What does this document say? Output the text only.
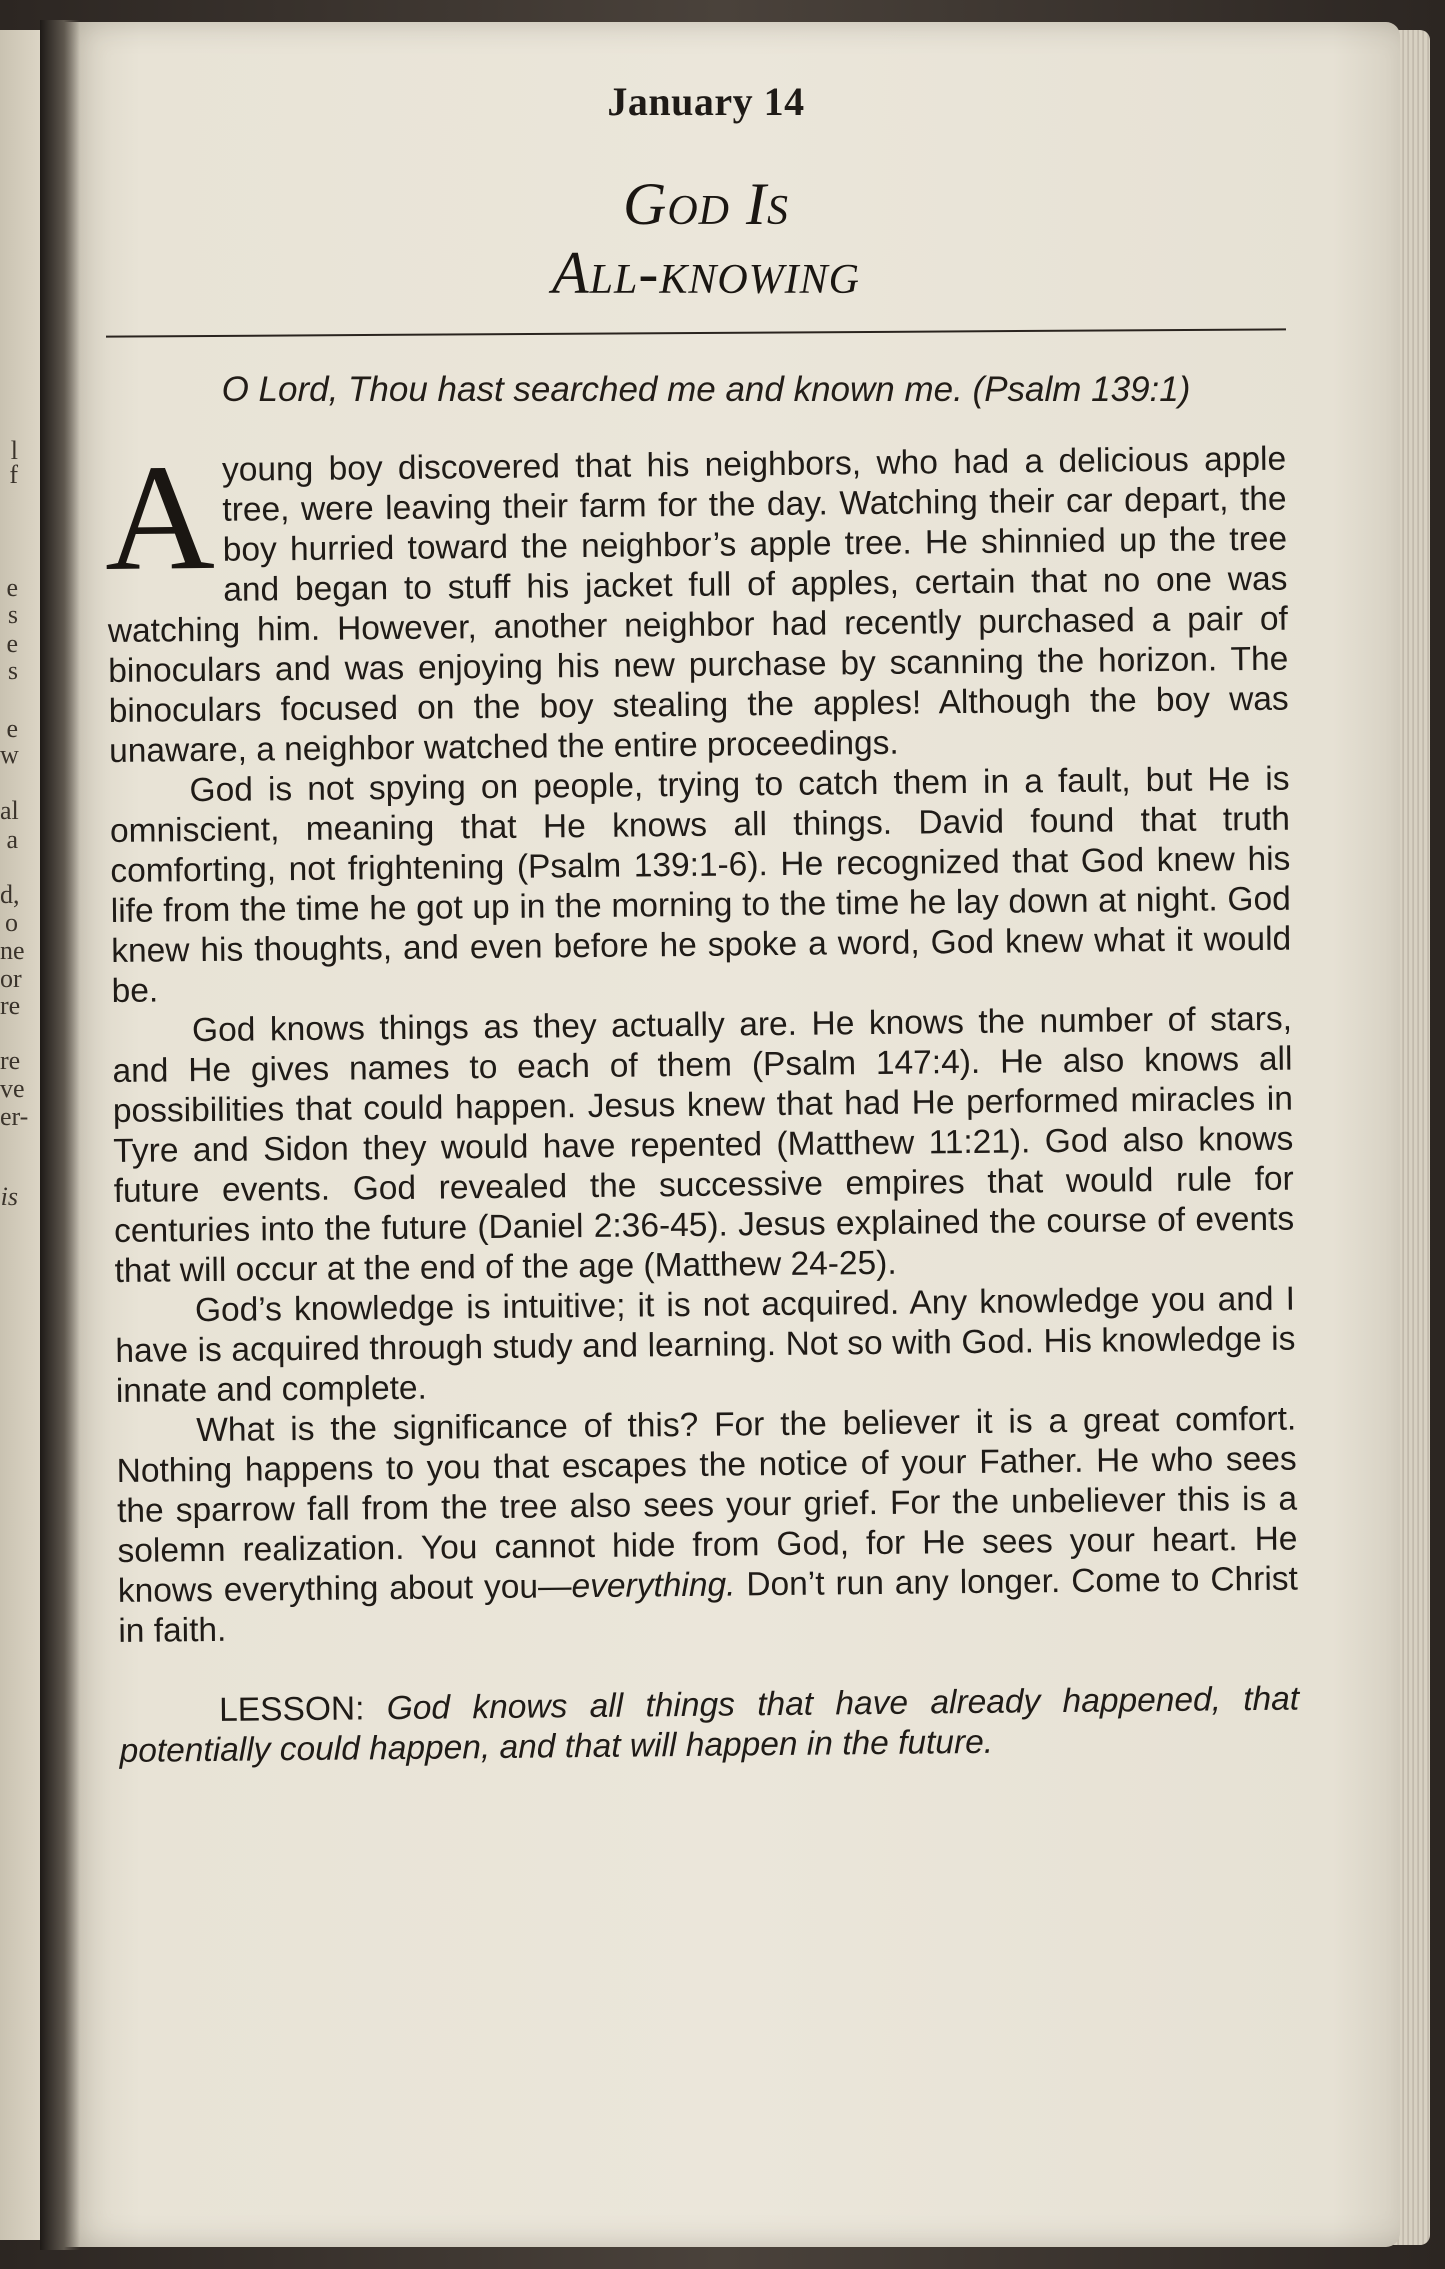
l
f
e
s
e
s
e
w
al
a
d,
o
ne
or
re
re
ve
er-
is
January 14
God Is
All-knowing
O Lord, Thou hast searched me and known me. (Psalm 139:1)

A young boy discovered that his neighbors, who had a delicious apple tree, were leaving their farm for the day. Watching their car depart, the boy hurried toward the neighbor’s apple tree. He shinnied up the tree and began to stuff his jacket full of apples, certain that no one was watching him. However, another neighbor had recently purchased a pair of binoculars and was enjoying his new purchase by scanning the horizon. The binoculars focused on the boy stealing the apples! Although the boy was unaware, a neighbor watched the entire proceedings.

God is not spying on people, trying to catch them in a fault, but He is omniscient, meaning that He knows all things. David found that truth comforting, not frightening (Psalm 139:1-6). He recognized that God knew his life from the time he got up in the morning to the time he lay down at night. God knew his thoughts, and even before he spoke a word, God knew what it would be.

God knows things as they actually are. He knows the number of stars, and He gives names to each of them (Psalm 147:4). He also knows all possibilities that could happen. Jesus knew that had He performed miracles in Tyre and Sidon they would have repented (Matthew 11:21). God also knows future events. God revealed the successive empires that would rule for centuries into the future (Daniel 2:36-45). Jesus explained the course of events that will occur at the end of the age (Matthew 24-25).

God’s knowledge is intuitive; it is not acquired. Any knowledge you and I have is acquired through study and learning. Not so with God. His knowledge is innate and complete.

What is the significance of this? For the believer it is a great comfort. Nothing happens to you that escapes the notice of your Father. He who sees the sparrow fall from the tree also sees your grief. For the unbeliever this is a solemn realization. You cannot hide from God, for He sees your heart. He knows everything about you—everything. Don’t run any longer. Come to Christ in faith.

LESSON: God knows all things that have already happened, that potentially could happen, and that will happen in the future.
